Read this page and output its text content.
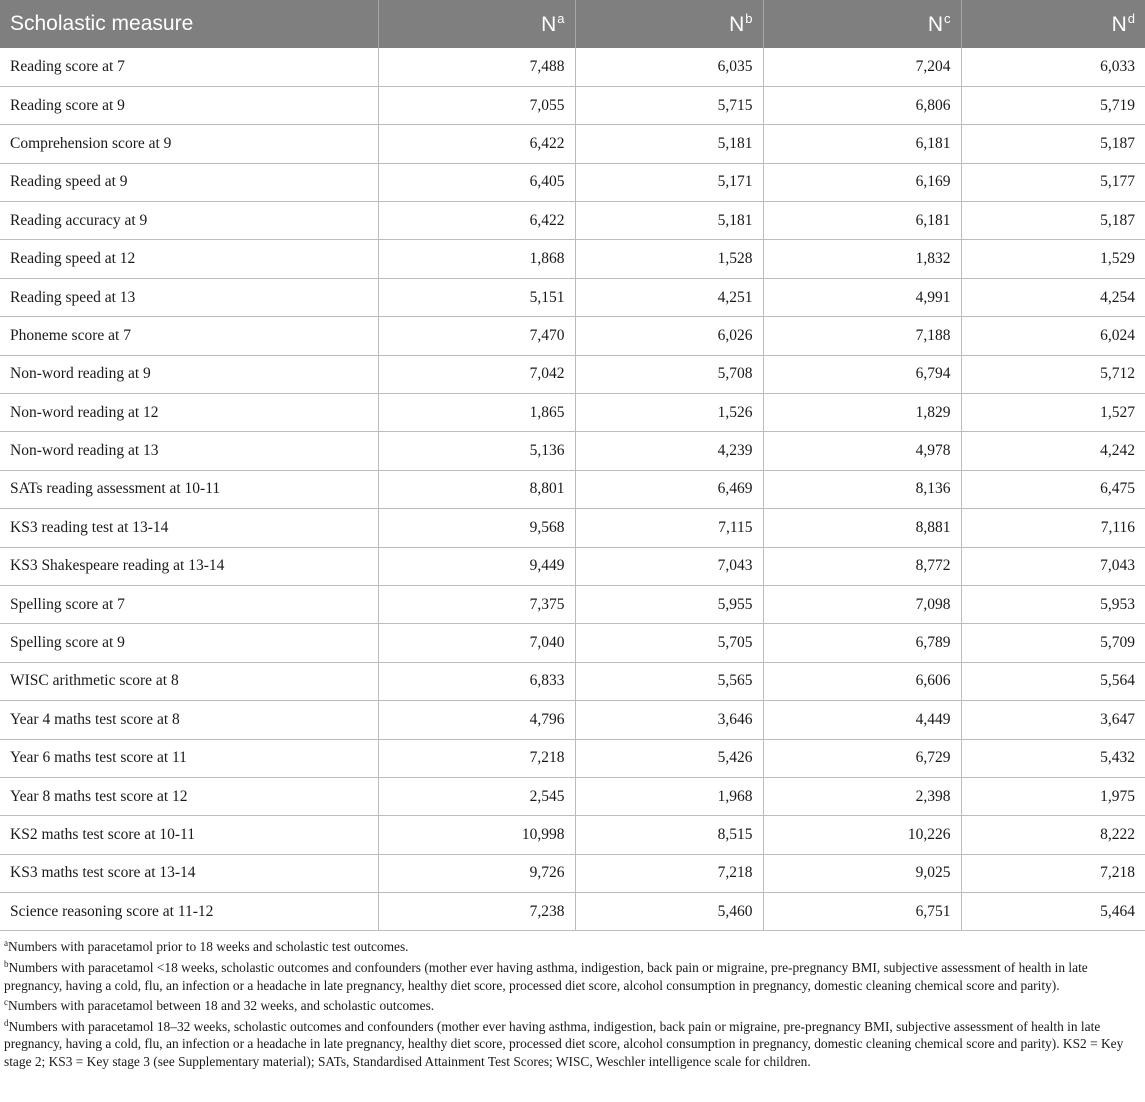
Scholastic measure	$N^a$	$N^b$	$N^c$	$N^d$
Reading score at 7	7,488	6,035	7,204	6,033
Reading score at 9	7,055	5,715	6,806	5,719
Comprehension score at 9	6,422	5,181	6,181	5,187
Reading speed at 9	6,405	5,171	6,169	5,177
Reading accuracy at 9	6,422	5,181	6,181	5,187
Reading speed at 12	1,868	1,528	1,832	1,529
Reading speed at 13	5,151	4,251	4,991	4,254
Phoneme score at 7	7,470	6,026	7,188	6,024
Non-word reading at 9	7,042	5,708	6,794	5,712
Non-word reading at 12	1,865	1,526	1,829	1,527
Non-word reading at 13	5,136	4,239	4,978	4,242
SATs reading assessment at 10-11	8,801	6,469	8,136	6,475
KS3 reading test at 13-14	9,568	7,115	8,881	7,116
KS3 Shakespeare reading at 13-14	9,449	7,043	8,772	7,043
Spelling score at 7	7,375	5,955	7,098	5,953
Spelling score at 9	7,040	5,705	6,789	5,709
WISC arithmetic score at 8	6,833	5,565	6,606	5,564
Year 4 maths test score at 8	4,796	3,646	4,449	3,647
Year 6 maths test score at 11	7,218	5,426	6,729	5,432
Year 8 maths test score at 12	2,545	1,968	2,398	1,975
KS2 maths test score at 10-11	10,998	8,515	10,226	8,222
KS3 maths test score at 13-14	9,726	7,218	9,025	7,218
Science reasoning score at 11-12	7,238	5,460	6,751	5,464

$^a$Numbers with paracetamol prior to 18 weeks and scholastic test outcomes.

$^b$Numbers with paracetamol <18 weeks, scholastic outcomes and confounders (mother ever having asthma, indigestion, back pain or migraine, pre-pregnancy BMI, subjective assessment of health in late pregnancy, having a cold, flu, an infection or a headache in late pregnancy, healthy diet score, processed diet score, alcohol consumption in pregnancy, domestic cleaning chemical score and parity).

$^c$Numbers with paracetamol between 18 and 32 weeks, and scholastic outcomes.

$^d$Numbers with paracetamol 18–32 weeks, scholastic outcomes and confounders (mother ever having asthma, indigestion, back pain or migraine, pre-pregnancy BMI, subjective assessment of health in late pregnancy, having a cold, flu, an infection or a headache in late pregnancy, healthy diet score, processed diet score, alcohol consumption in pregnancy, domestic cleaning chemical score and parity). KS2 = Key stage 2; KS3 = Key stage 3 (see Supplementary material); SATs, Standardised Attainment Test Scores; WISC, Weschler intelligence scale for children.
